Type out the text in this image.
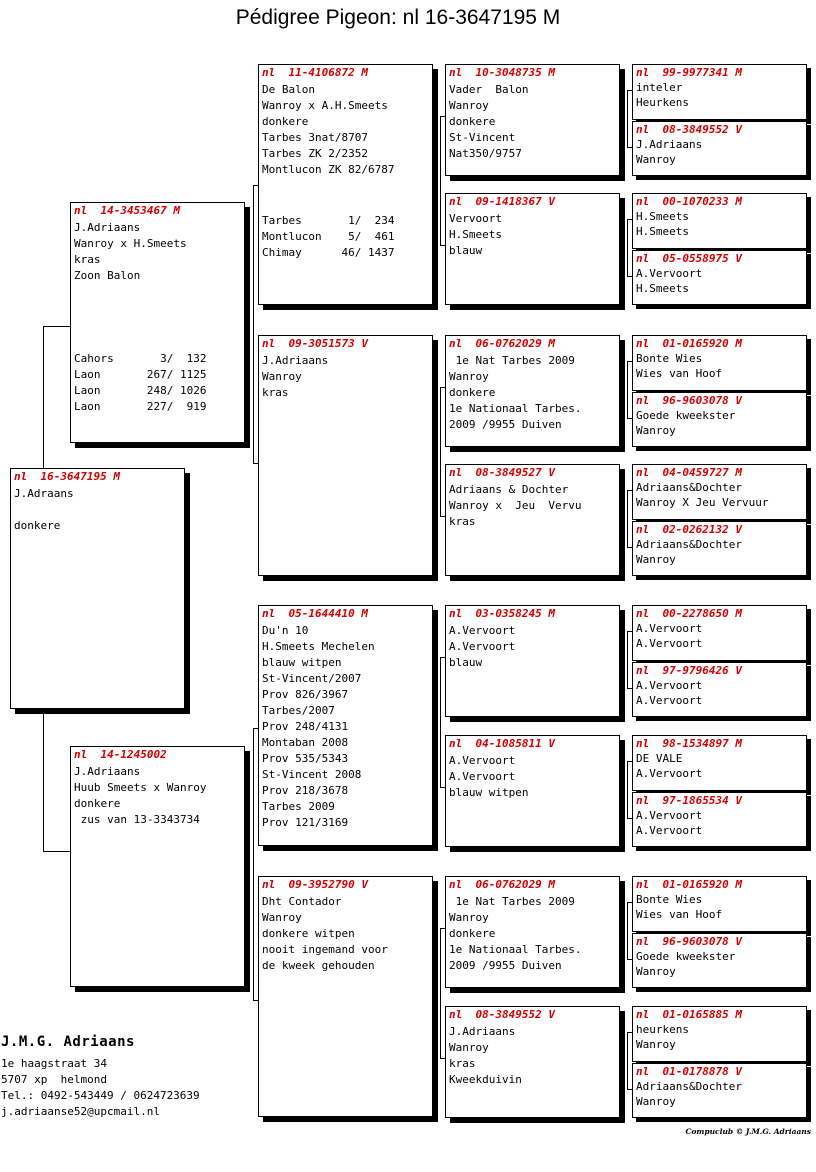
Pédigree Pigeon: nl 16-3647195 M
nl  16-3647195 M
J.Adraans
donkere
nl  14-3453467 M
J.Adriaans
Wanroy x H.Smeets
kras
Zoon Balon
Cahors       3/  132
Laon       267/ 1125
Laon       248/ 1026
Laon       227/  919
nl  14-1245002
J.Adriaans
Huub Smeets x Wanroy
donkere
zus van 13-3343734
nl  11-4106872 M
De Balon
Wanroy x A.H.Smeets
donkere
Tarbes 3nat/8707
Tarbes ZK 2/2352
Montlucon ZK 82/6787
Tarbes       1/  234
Montlucon    5/  461
Chimay      46/ 1437
nl  09-3051573 V
J.Adriaans
Wanroy
kras
nl  05-1644410 M
Du'n 10
H.Smeets Mechelen
blauw witpen
St-Vincent/2007
Prov 826/3967
Tarbes/2007
Prov 248/4131
Montaban 2008
Prov 535/5343
St-Vincent 2008
Prov 218/3678
Tarbes 2009
Prov 121/3169
nl  09-3952790 V
Dht Contador
Wanroy
donkere witpen
nooit ingemand voor
de kweek gehouden
nl  10-3048735 M
Vader  Balon
Wanroy
donkere
St-Vincent
Nat350/9757
nl  09-1418367 V
Vervoort
H.Smeets
blauw
nl  06-0762029 M
1e Nat Tarbes 2009
Wanroy
donkere
1e Nationaal Tarbes.
2009 /9955 Duiven
nl  08-3849527 V
Adriaans & Dochter
Wanroy x  Jeu  Vervu
kras
nl  03-0358245 M
A.Vervoort
A.Vervoort
blauw
nl  04-1085811 V
A.Vervoort
A.Vervoort
blauw witpen
nl  06-0762029 M
1e Nat Tarbes 2009
Wanroy
donkere
1e Nationaal Tarbes.
2009 /9955 Duiven
nl  08-3849552 V
J.Adriaans
Wanroy
kras
Kweekduivin
nl  99-9977341 M
inteler
Heurkens
nl  08-3849552 V
J.Adriaans
Wanroy
nl  00-1070233 M
H.Smeets
H.Smeets
nl  05-0558975 V
A.Vervoort
H.Smeets
nl  01-0165920 M
Bonte Wies
Wies van Hoof
nl  96-9603078 V
Goede kweekster
Wanroy
nl  04-0459727 M
Adriaans&Dochter
Wanroy X Jeu Vervuur
nl  02-0262132 V
Adriaans&Dochter
Wanroy
nl  00-2278650 M
A.Vervoort
A.Vervoort
nl  97-9796426 V
A.Vervoort
A.Vervoort
nl  98-1534897 M
DE VALE
A.Vervoort
nl  97-1865534 V
A.Vervoort
A.Vervoort
nl  01-0165920 M
Bonte Wies
Wies van Hoof
nl  96-9603078 V
Goede kweekster
Wanroy
nl  01-0165885 M
heurkens
Wanroy
nl  01-0178878 V
Adriaans&Dochter
Wanroy
J.M.G. Adriaans
1e haagstraat 34
5707 xp  helmond
Tel.: 0492-543449 / 0624723639
j.adriaanse52@upcmail.nl
Compuclub © J.M.G. Adriaans
